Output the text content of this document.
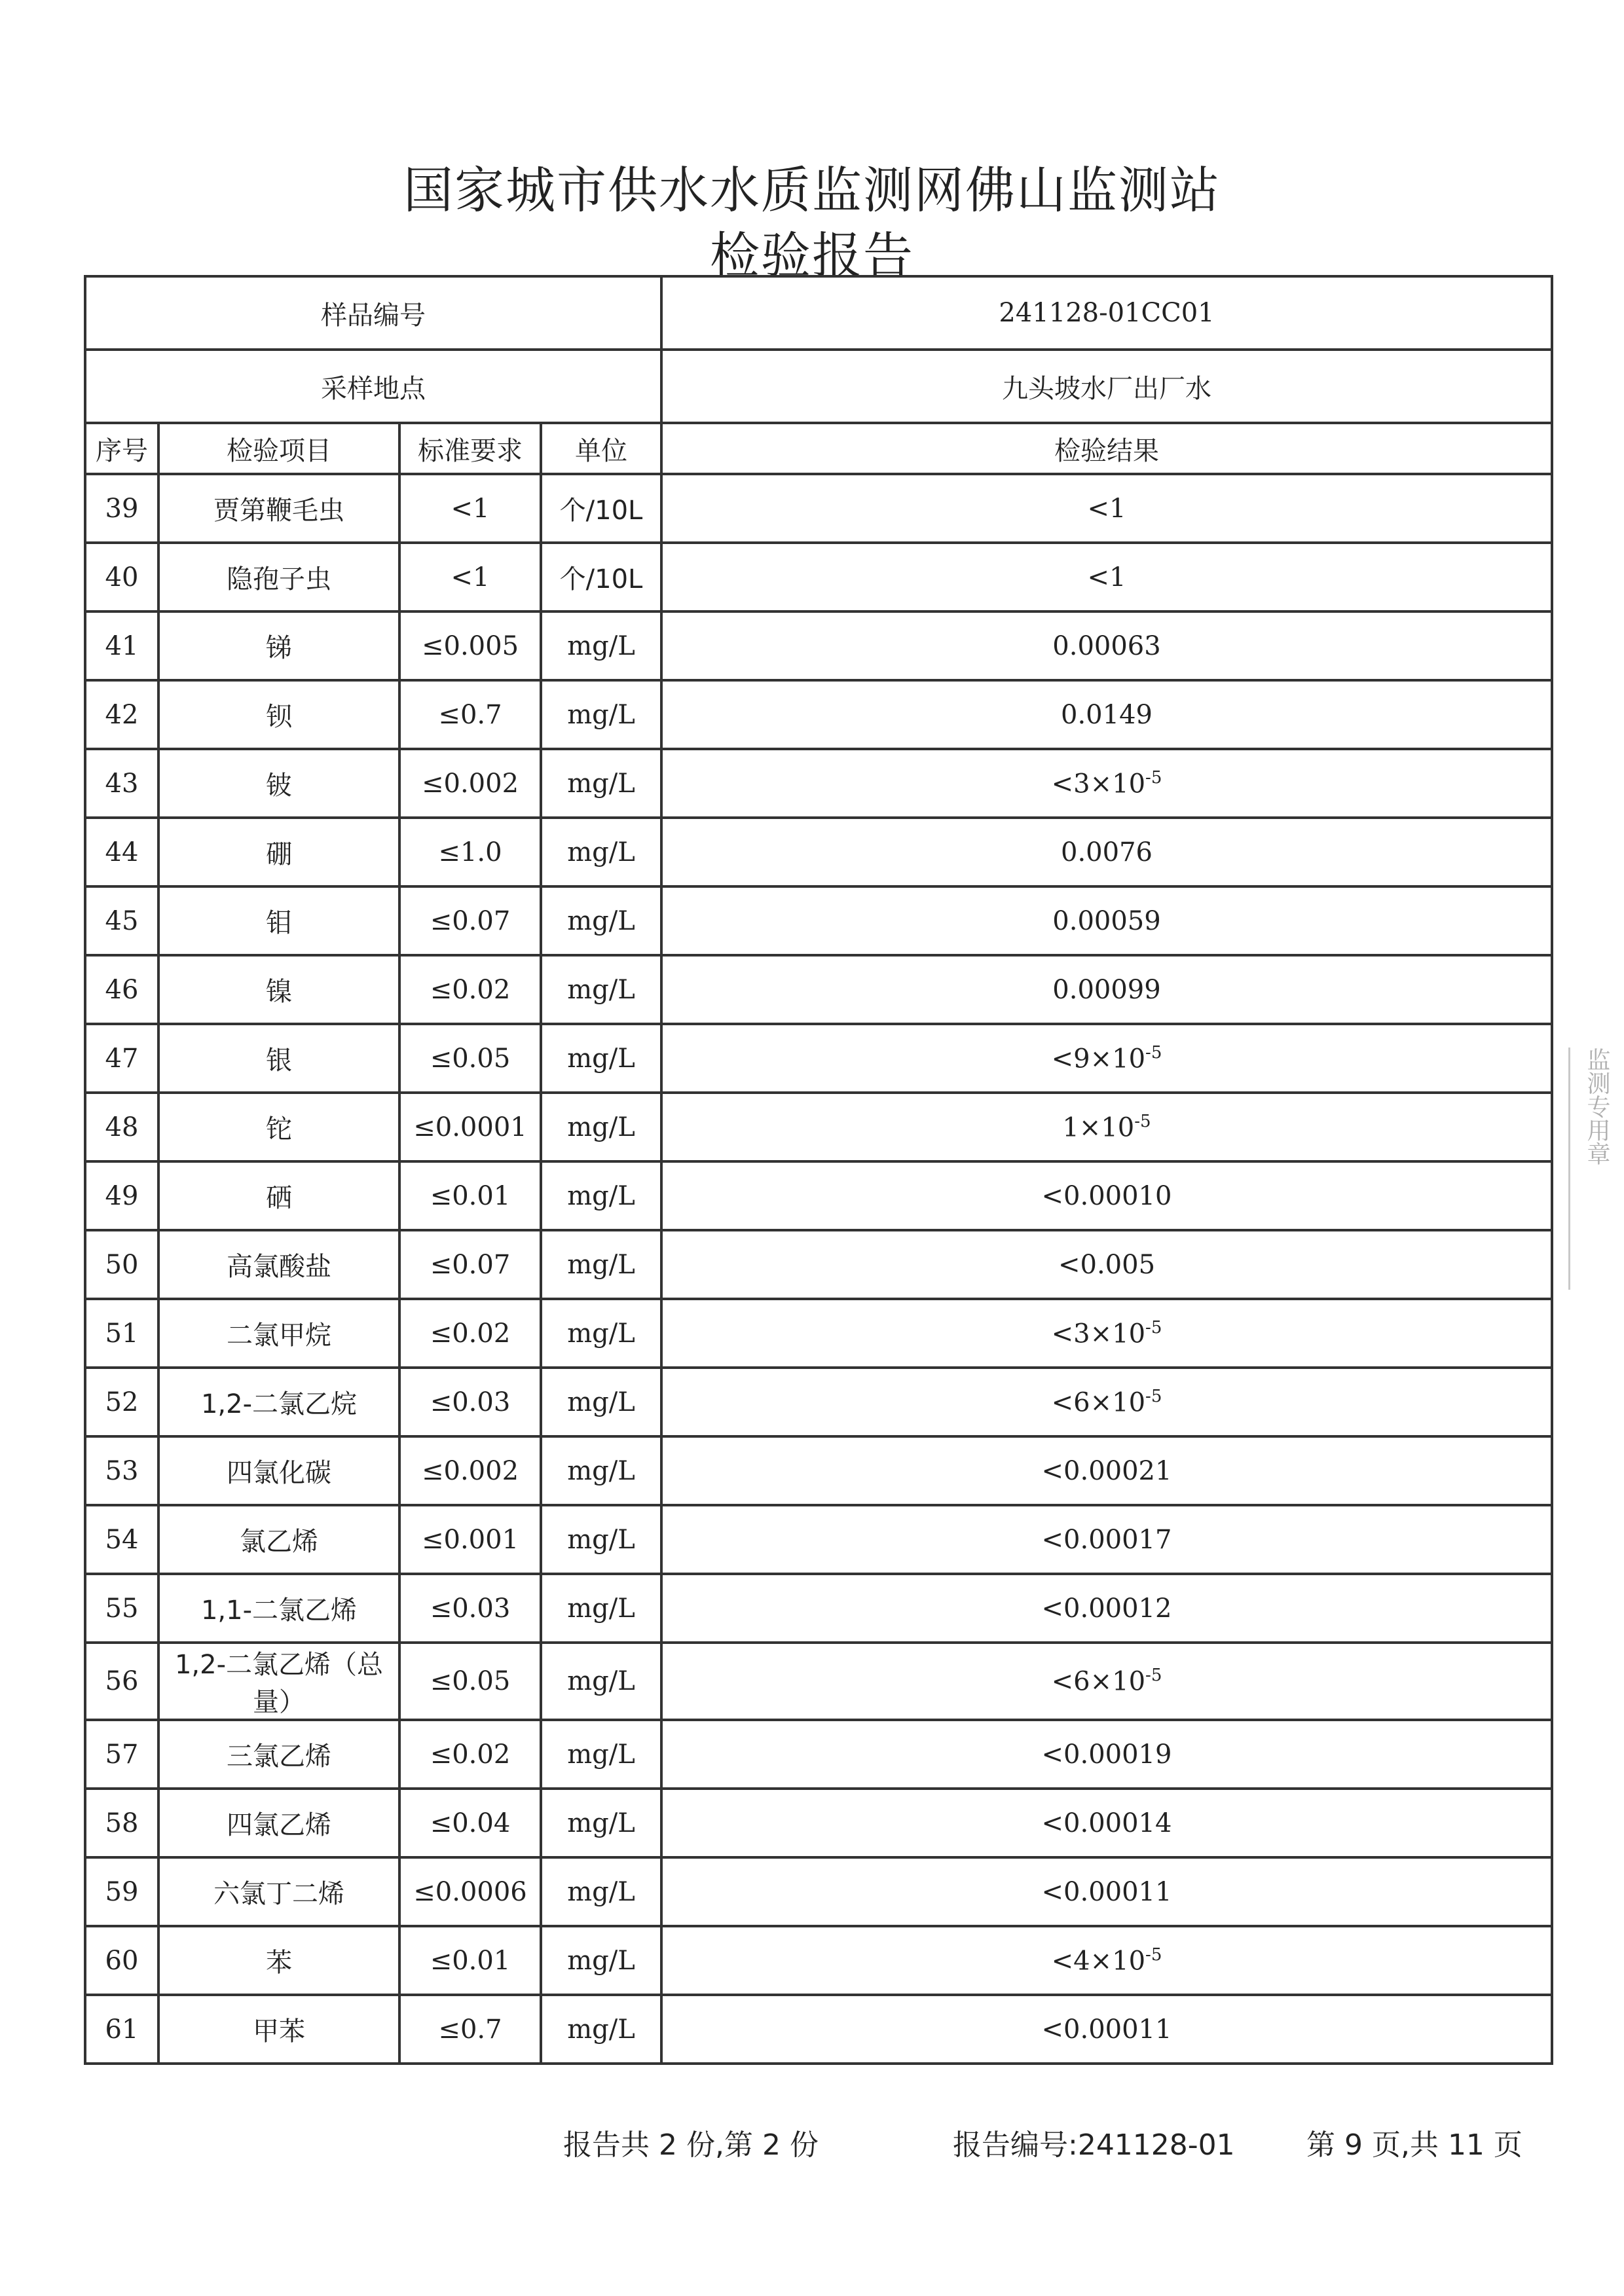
国家城市供水水质监测网佛山监测站
检验报告
样品编号				241128-01CC01
采样地点				九头坡水厂出厂水
序号	检验项目	标准要求	单位	检验结果
39	贾第鞭毛虫	<1	个/10L	<1
40	隐孢子虫	<1	个/10L	<1
41	锑	≤0.005	mg/L	0.00063
42	钡	≤0.7	mg/L	0.0149
43	铍	≤0.002	mg/L	$<3\times 10^{-5}$
44	硼	≤1.0	mg/L	0.0076
45	钼	≤0.07	mg/L	0.00059
46	镍	≤0.02	mg/L	0.00099
47	银	≤0.05	mg/L	$<9\times 10^{-5}$
48	铊	≤0.0001	mg/L	$1\times 10^{-5}$
49	硒	≤0.01	mg/L	<0.00010
50	高氯酸盐	≤0.07	mg/L	<0.005
51	二氯甲烷	≤0.02	mg/L	$<3\times 10^{-5}$
52	1,2-二氯乙烷	≤0.03	mg/L	$<6\times 10^{-5}$
53	四氯化碳	≤0.002	mg/L	<0.00021
54	氯乙烯	≤0.001	mg/L	<0.00017
55	1,1-二氯乙烯	≤0.03	mg/L	<0.00012
56	1,2-二氯乙烯（总量）	≤0.05	mg/L	$<6\times 10^{-5}$
57	三氯乙烯	≤0.02	mg/L	<0.00019
58	四氯乙烯	≤0.04	mg/L	<0.00014
59	六氯丁二烯	≤0.0006	mg/L	<0.00011
60	苯	≤0.01	mg/L	$<4\times 10^{-5}$
61	甲苯	≤0.7	mg/L	<0.00011
报告共 2 份,第 2 份	报告编号:241128-01 第 9 页,共 11 页
监测专用章
